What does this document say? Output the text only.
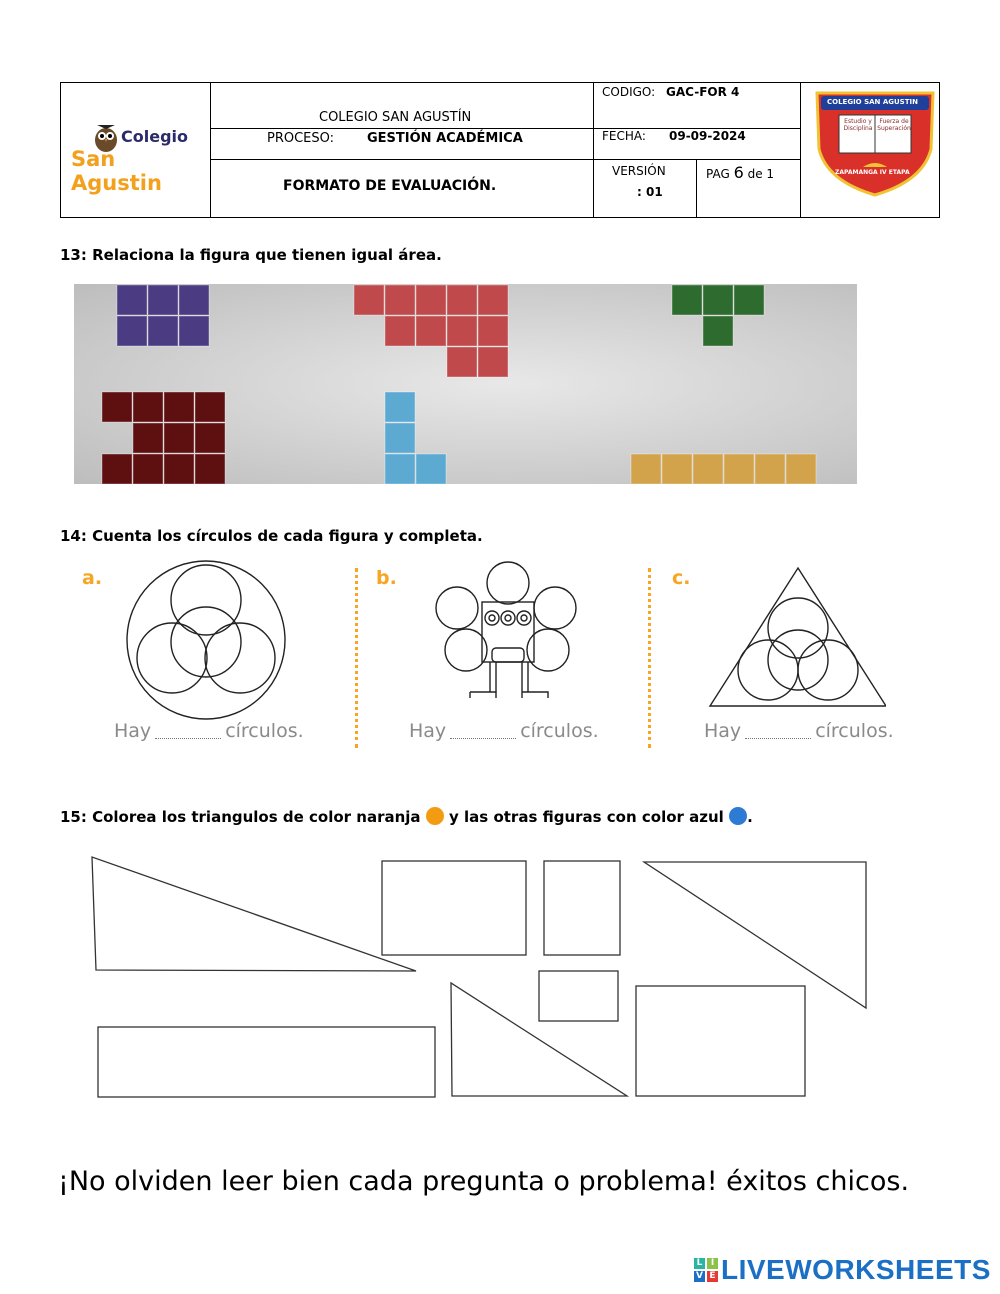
Colegio
San Agustin
COLEGIO SAN AGUSTÍN
PROCESO:	GESTIÓN ACADÉMICA
FORMATO DE EVALUACIÓN.
CODIGO: GAC-FOR 4
FECHA: 09-09-2024
VERSIÓN
: 01
PAG 6 de 1
COLEGIO SAN AGUSTIN
Estudio y Disciplina
Fuerza de Superación
ZAPAMANGA IV ETAPA
13: Relaciona la figura que tienen igual área.
14: Cuenta los círculos de cada figura y completa.
a.	b.	c.
Hay	círculos.	Hay	círculos.	Hay	círculos.
15: Colorea los triangulos de color naranja y las otras figuras con color azul .
¡No olviden leer bien cada pregunta o problema! éxitos chicos.
L I
V E LIVEWORKSHEETS
